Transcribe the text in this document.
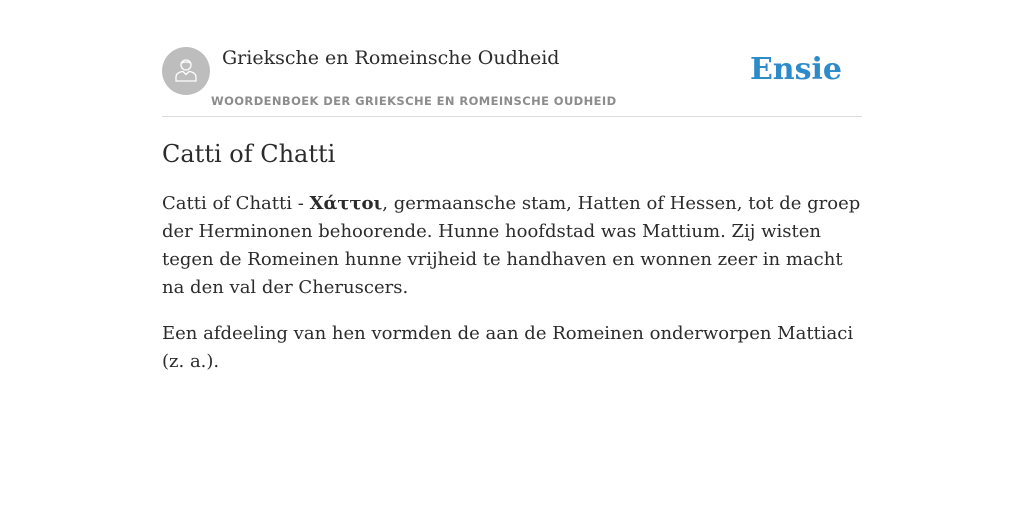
Grieksche en Romeinsche Oudheid
WOORDENBOEK DER GRIEKSCHE EN ROMEINSCHE OUDHEID
Ensie
Catti of Chatti

Catti of Chatti - Χάττοι, germaansche stam, Hatten of Hessen, tot de groep der Herminonen behoorende. Hunne hoofdstad was Mattium. Zij wisten tegen de Romeinen hunne vrijheid te handhaven en wonnen zeer in macht na den val der Cheruscers.

Een afdeeling van hen vormden de aan de Romeinen onderworpen Mattiaci (z. a.).
